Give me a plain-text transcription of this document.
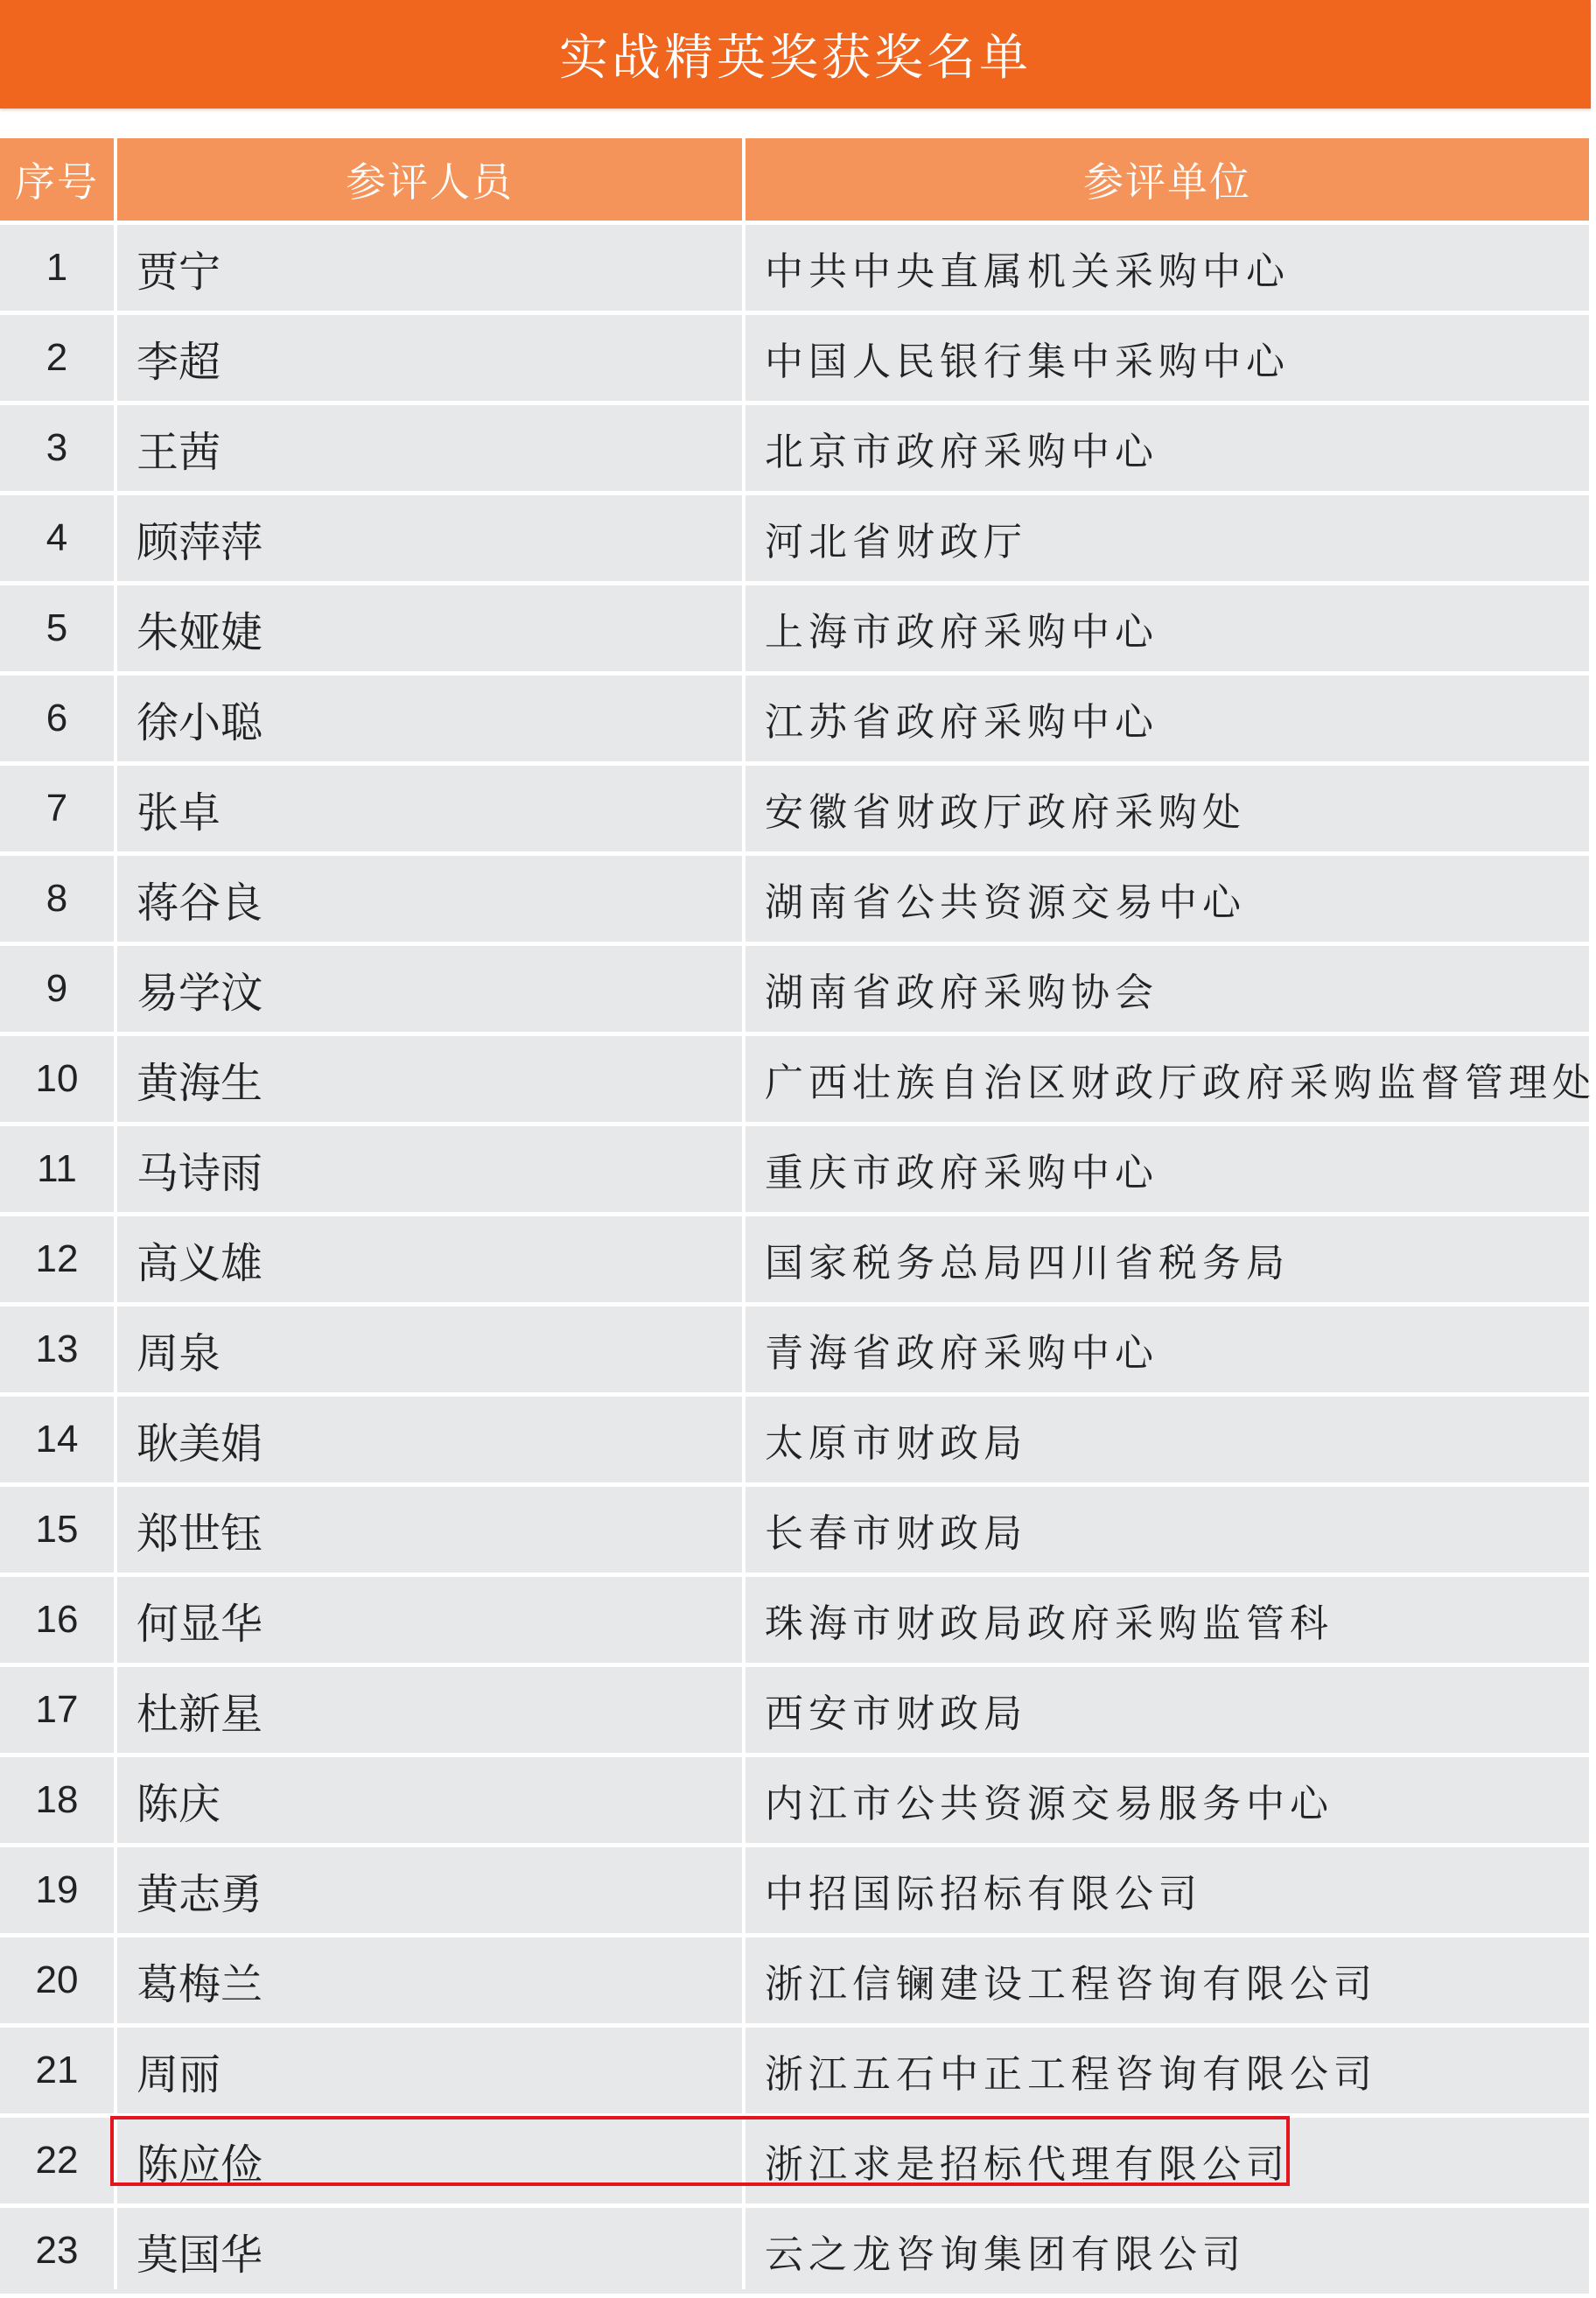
实战精英奖获奖名单
序号	参评人员	参评单位
1	贾宁	中共中央直属机关采购中心
2	李超	中国人民银行集中采购中心
3	王茜	北京市政府采购中心
4	顾萍萍	河北省财政厅
5	朱娅婕	上海市政府采购中心
6	徐小聪	江苏省政府采购中心
7	张卓	安徽省财政厅政府采购处
8	蒋谷良	湖南省公共资源交易中心
9	易学汶	湖南省政府采购协会
10	黄海生	广西壮族自治区财政厅政府采购监督管理处
11	马诗雨	重庆市政府采购中心
12	高义雄	国家税务总局四川省税务局
13	周泉	青海省政府采购中心
14	耿美娟	太原市财政局
15	郑世钰	长春市财政局
16	何显华	珠海市财政局政府采购监管科
17	杜新星	西安市财政局
18	陈庆	内江市公共资源交易服务中心
19	黄志勇	中招国际招标有限公司
20	葛梅兰	浙江信镧建设工程咨询有限公司
21	周丽	浙江五石中正工程咨询有限公司
22	陈应俭	浙江求是招标代理有限公司
23	莫国华	云之龙咨询集团有限公司
